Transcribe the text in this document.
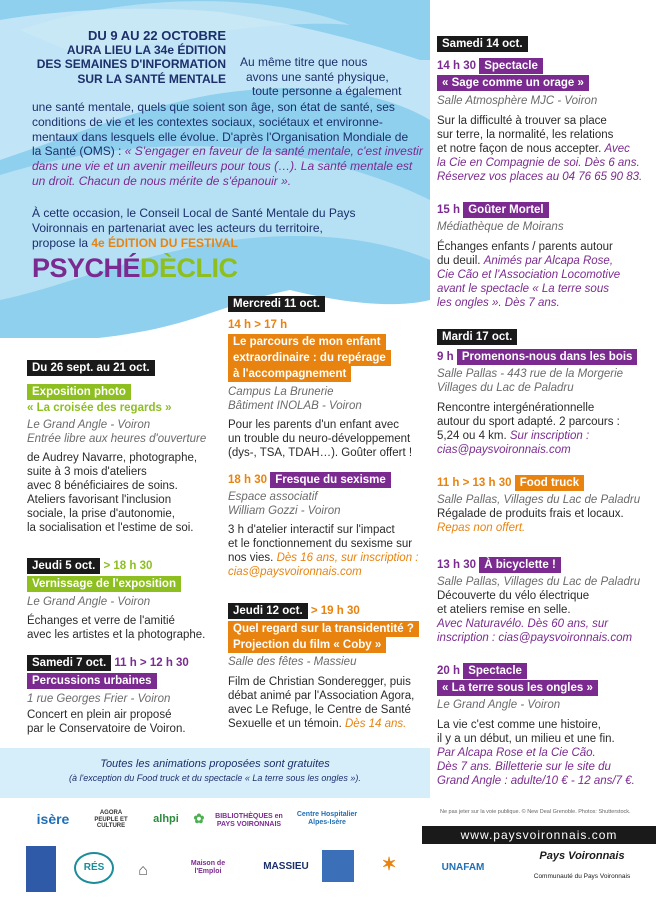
DU 9 AU 22 OCTOBRE
AURA LIEU LA 34e ÉDITION
DES SEMAINES D'INFORMATION
SUR LA SANTÉ MENTALE
Au même titre que nous
avons une santé physique,
toute personne a également
une santé mentale, quels que soient son âge, son état de santé, ses
conditions de vie et les contextes sociaux, sociétaux et environne-
mentaux dans lesquels elle évolue. D'après l'Organisation Mondiale de
la Santé (OMS) : « S'engager en faveur de la santé mentale, c'est investir
dans une vie et un avenir meilleurs pour tous (…). La santé mentale est
un droit. Chacun de nous mérite de s'épanouir ».
À cette occasion, le Conseil Local de Santé Mentale du Pays
Voironnais en partenariat avec les acteurs du territoire,
propose la 4e ÉDITION DU FESTIVAL
PSYCHÉDÈCLIC
Du 26 sept. au 21 oct.
Exposition photo
« La croisée des regards »
Le Grand Angle - Voiron
Entrée libre aux heures d'ouverture
de Audrey Navarre, photographe,
suite à 3 mois d'ateliers
avec 8 bénéficiaires de soins.
Ateliers favorisant l'inclusion
sociale, la prise d'autonomie,
la socialisation et l'estime de soi.
Jeudi 5 oct. > 18 h 30
Vernissage de l'exposition
Le Grand Angle - Voiron
Échanges et verre de l'amitié
avec les artistes et la photographe.
Samedi 7 oct. 11 h > 12 h 30
Percussions urbaines
1 rue Georges Frier - Voiron
Concert en plein air proposé
par le Conservatoire de Voiron.
Mercredi 11 oct.
14 h > 17 h
Le parcours de mon enfant
extraordinaire : du repérage
à l'accompagnement
Campus La Brunerie
Bâtiment INOLAB - Voiron
Pour les parents d'un enfant avec
un trouble du neuro-développement
(dys-, TSA, TDAH…). Goûter offert !
18 h 30 Fresque du sexisme
Espace associatif
William Gozzi - Voiron
3 h d'atelier interactif sur l'impact
et le fonctionnement du sexisme sur
nos vies. Dès 16 ans, sur inscription :
cias@paysvoironnais.com
Jeudi 12 oct. > 19 h 30
Quel regard sur la transidentité ?
Projection du film « Coby »
Salle des fêtes - Massieu
Film de Christian Sonderegger, puis
débat animé par l'Association Agora,
avec Le Refuge, le Centre de Santé
Sexuelle et un témoin. Dès 14 ans.
Samedi 14 oct.
14 h 30 Spectacle
« Sage comme un orage »
Salle Atmosphère MJC - Voiron
Sur la difficulté à trouver sa place
sur terre, la normalité, les relations
et notre façon de nous accepter. Avec
la Cie en Compagnie de soi. Dès 6 ans.
Réservez vos places au 04 76 65 90 83.
15 h Goûter Mortel
Médiathèque de Moirans
Échanges enfants / parents autour
du deuil. Animés par Alcapa Rose,
Cie Cão et l'Association Locomotive
avant le spectacle « La terre sous
les ongles ». Dès 7 ans.
Mardi 17 oct.
9 h Promenons-nous dans les bois
Salle Pallas - 443 rue de la Morgerie
Villages du Lac de Paladru
Rencontre intergénérationnelle
autour du sport adapté. 2 parcours :
5,24 ou 4 km. Sur inscription :
cias@paysvoironnais.com
11 h > 13 h 30 Food truck
Salle Pallas, Villages du Lac de Paladru
Régalade de produits frais et locaux.
Repas non offert.
13 h 30 À bicyclette !
Salle Pallas, Villages du Lac de Paladru
Découverte du vélo électrique
et ateliers remise en selle.
Avec Naturavélo. Dès 60 ans, sur
inscription : cias@paysvoironnais.com
20 h Spectacle « La terre sous les ongles »
Le Grand Angle - Voiron
La vie c'est comme une histoire,
il y a un début, un milieu et une fin.
Par Alcapa Rose et la Cie Cão.
Dès 7 ans. Billetterie sur le site du
Grand Angle : adulte/10 € - 12 ans/7 €.
Toutes les animations proposées sont gratuites
(à l'exception du Food truck et du spectacle « La terre sous les ongles »).
Ne pas jeter sur la voie publique. © New Deal Grenoble. Photos: Shutterstock.
www.paysvoironnais.com
isère	AGORA PEUPLE ET CULTURE
alhpi	✿ BIBLIOTHÈQUES en PAYS VOIRONNAIS
Centre Hospitalier Alpes-Isère
RÉS	⌂	Maison de l'Emploi	MASSIEU	✶	UNAFAM
Pays Voironnais
Communauté du Pays Voironnais
